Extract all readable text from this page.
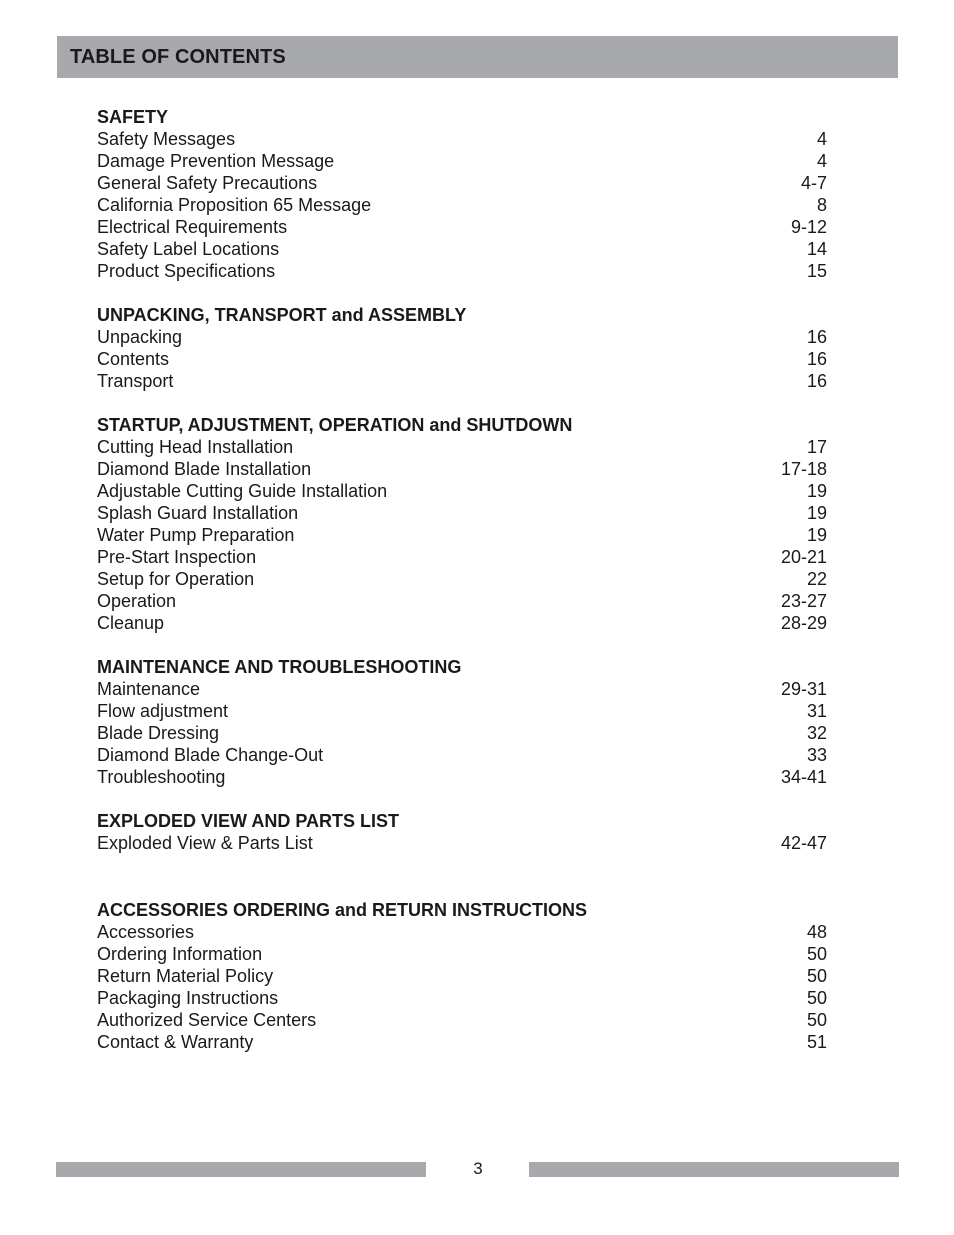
TABLE OF CONTENTS
SAFETY
Safety Messages	4
Damage Prevention Message	4
General Safety Precautions	4-7
California Proposition 65 Message	8
Electrical Requirements	9-12
Safety Label Locations	14
Product Specifications	15
UNPACKING, TRANSPORT and ASSEMBLY
Unpacking	16
Contents	16
Transport	16
STARTUP, ADJUSTMENT, OPERATION and SHUTDOWN
Cutting Head Installation	17
Diamond Blade Installation	17-18
Adjustable Cutting Guide Installation	19
Splash Guard Installation	19
Water Pump Preparation	19
Pre-Start Inspection	20-21
Setup for Operation	22
Operation	23-27
Cleanup	28-29
MAINTENANCE AND TROUBLESHOOTING
Maintenance	29-31
Flow adjustment	31
Blade Dressing	32
Diamond Blade Change-Out	33
Troubleshooting	34-41
EXPLODED VIEW AND PARTS LIST
Exploded View & Parts List	42-47
ACCESSORIES ORDERING and RETURN INSTRUCTIONS
Accessories	48
Ordering Information	50
Return Material Policy	50
Packaging Instructions	50
Authorized Service Centers	50
Contact & Warranty	51
3
